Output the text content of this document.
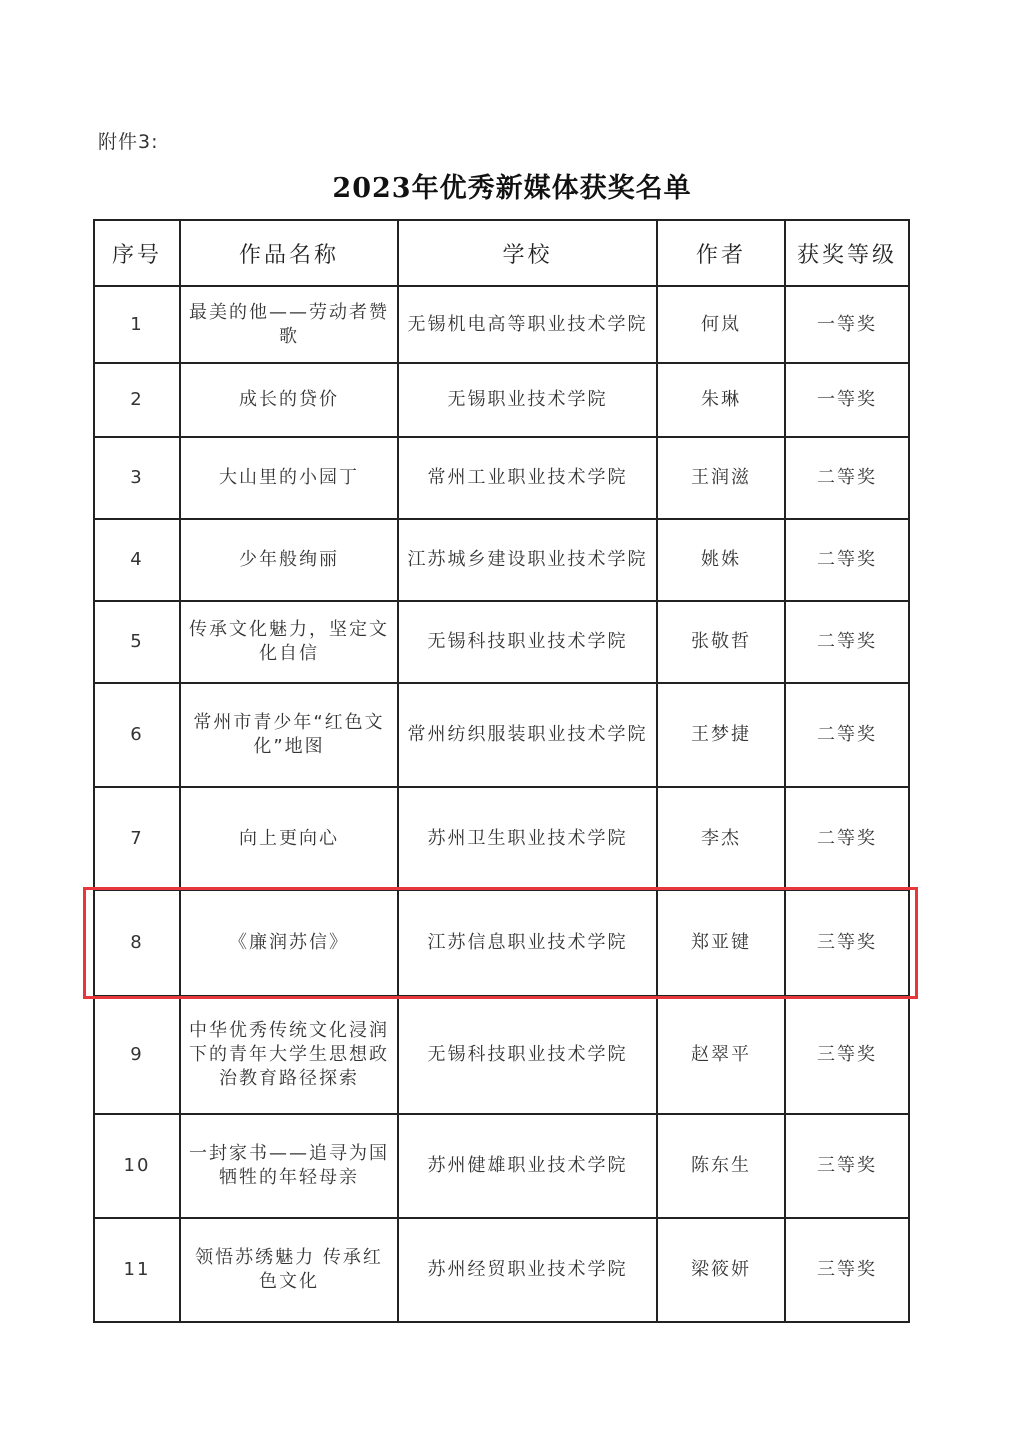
附件3:
2023年优秀新媒体获奖名单
序号	作品名称	学校	作者	获奖等级
1	最美的他——劳动者赞歌	无锡机电高等职业技术学院	何岚	一等奖
2	成长的贷价	无锡职业技术学院	朱琳	一等奖
3	大山里的小园丁	常州工业职业技术学院	王润滋	二等奖
4	少年般绚丽	江苏城乡建设职业技术学院	姚姝	二等奖
5	传承文化魅力，坚定文化自信	无锡科技职业技术学院	张敬哲	二等奖
6	常州市青少年“红色文化”地图	常州纺织服装职业技术学院	王梦捷	二等奖
7	向上更向心	苏州卫生职业技术学院	李杰	二等奖
8	《廉润苏信》	江苏信息职业技术学院	郑亚键	三等奖
9	中华优秀传统文化浸润下的青年大学生思想政治教育路径探索	无锡科技职业技术学院	赵翠平	三等奖
10	一封家书——追寻为国牺牲的年轻母亲	苏州健雄职业技术学院	陈东生	三等奖
11	领悟苏绣魅力 传承红色文化	苏州经贸职业技术学院	梁筱妍	三等奖
